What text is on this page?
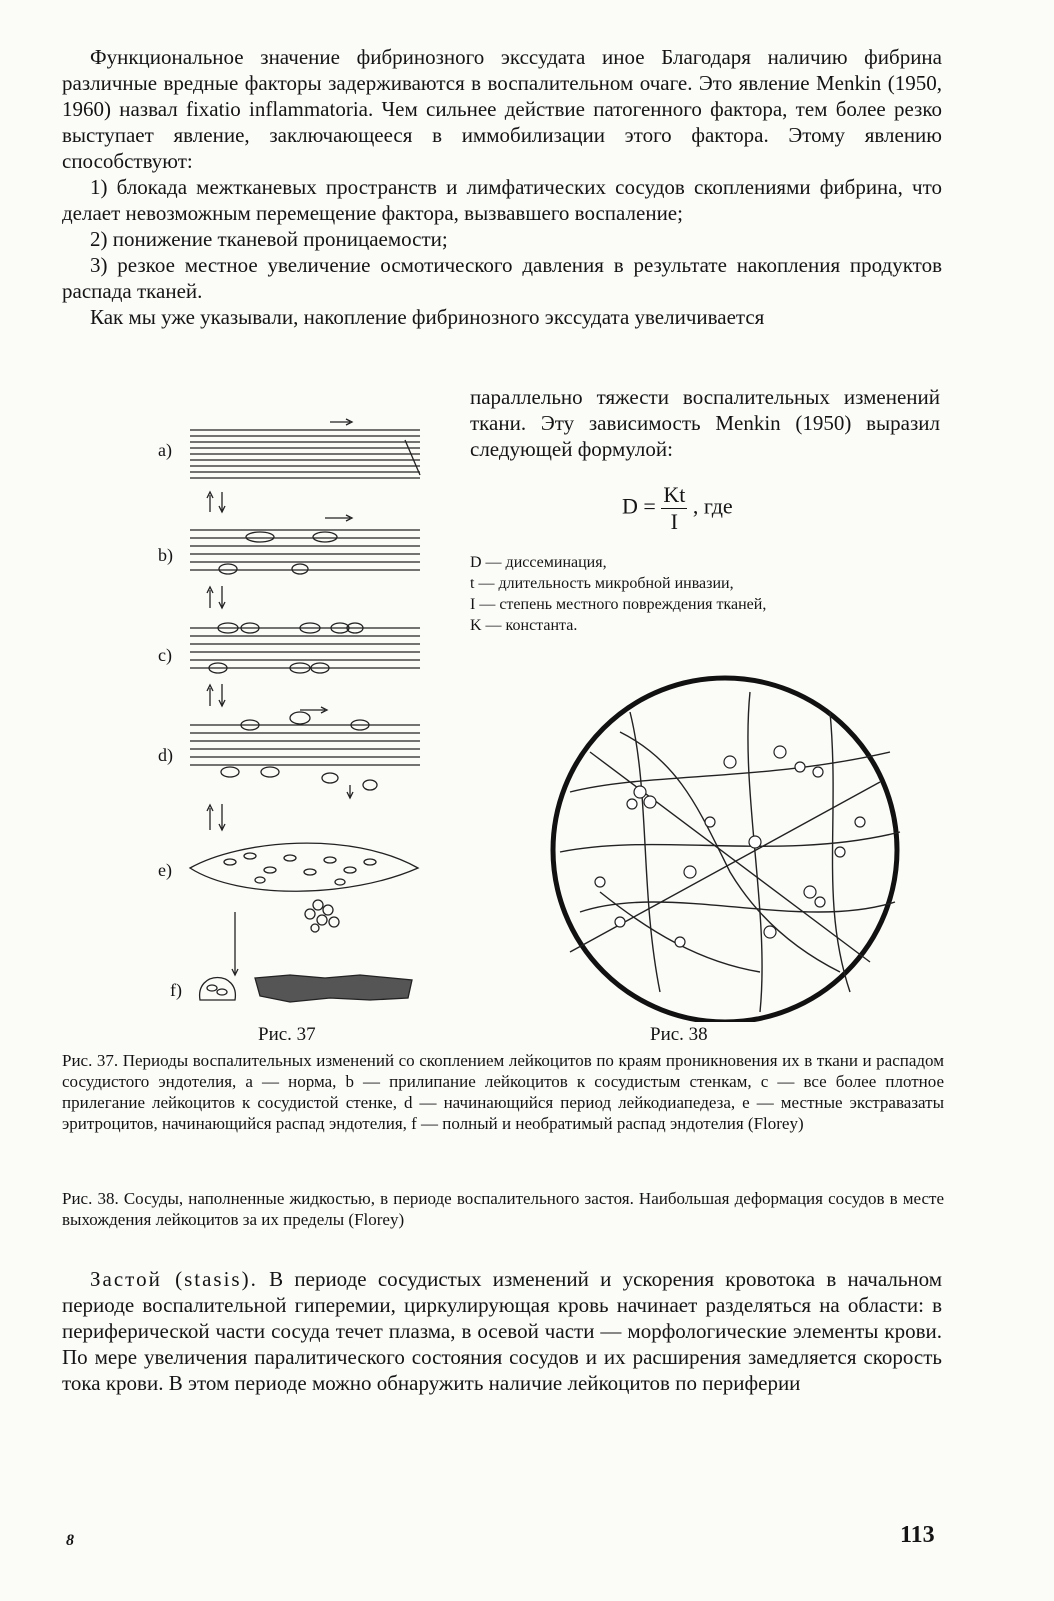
Функциональное значение фибринозного экссудата иное Благодаря наличию фибрина различные вредные факторы задерживаются в воспалительном очаге. Это явление Menkin (1950, 1960) назвал fixatio inflammatoria. Чем сильнее действие патогенного фактора, тем более резко выступает явление, заключающееся в иммобилизации этого фактора. Этому явлению способствуют:

1) блокада межтканевых пространств и лимфатических сосудов скоплениями фибрина, что делает невозможным перемещение фактора, вызвавшего воспаление;

2) понижение тканевой проницаемости;

3) резкое местное увеличение осмотического давления в результате накопления продуктов распада тканей.

Как мы уже указывали, накопление фибринозного экссудата увеличивается

параллельно тяжести воспалительных изменений ткани. Эту зависимость Menkin (1950) выразил следующей формулой:
$D = \frac{Kt}{I}$ , где
D — диссеминация,
t — длительность микробной инвазии,
I — степень местного повреждения тканей,
K — константа.
a)
b)
c)
d)
e)
f)
Рис. 37	Рис. 38
Рис. 37. Периоды воспалительных изменений со скоплением лейкоцитов по краям проникновения их в ткани и распадом сосудистого эндотелия, а — норма, b — прилипание лейкоцитов к сосудистым стенкам, с — все более плотное прилегание лейкоцитов к сосудистой стенке, d — начинающийся период лейкодиапедеза, е — местные экстравазаты эритроцитов, начинающийся распад эндотелия, f — полный и необратимый распад эндотелия (Florey)
Рис. 38. Сосуды, наполненные жидкостью, в периоде воспалительного застоя. Наибольшая деформация сосудов в месте выхождения лейкоцитов за их пределы (Florey)

Застой (stasis). В периоде сосудистых изменений и ускорения кровотока в начальном периоде воспалительной гиперемии, циркулирующая кровь начинает разделяться на области: в периферической части сосуда течет плазма, в осевой части — морфологические элементы крови. По мере увеличения паралитического состояния сосудов и их расширения замедляется скорость тока крови. В этом периоде можно обнаружить наличие лейкоцитов по периферии

8	113
